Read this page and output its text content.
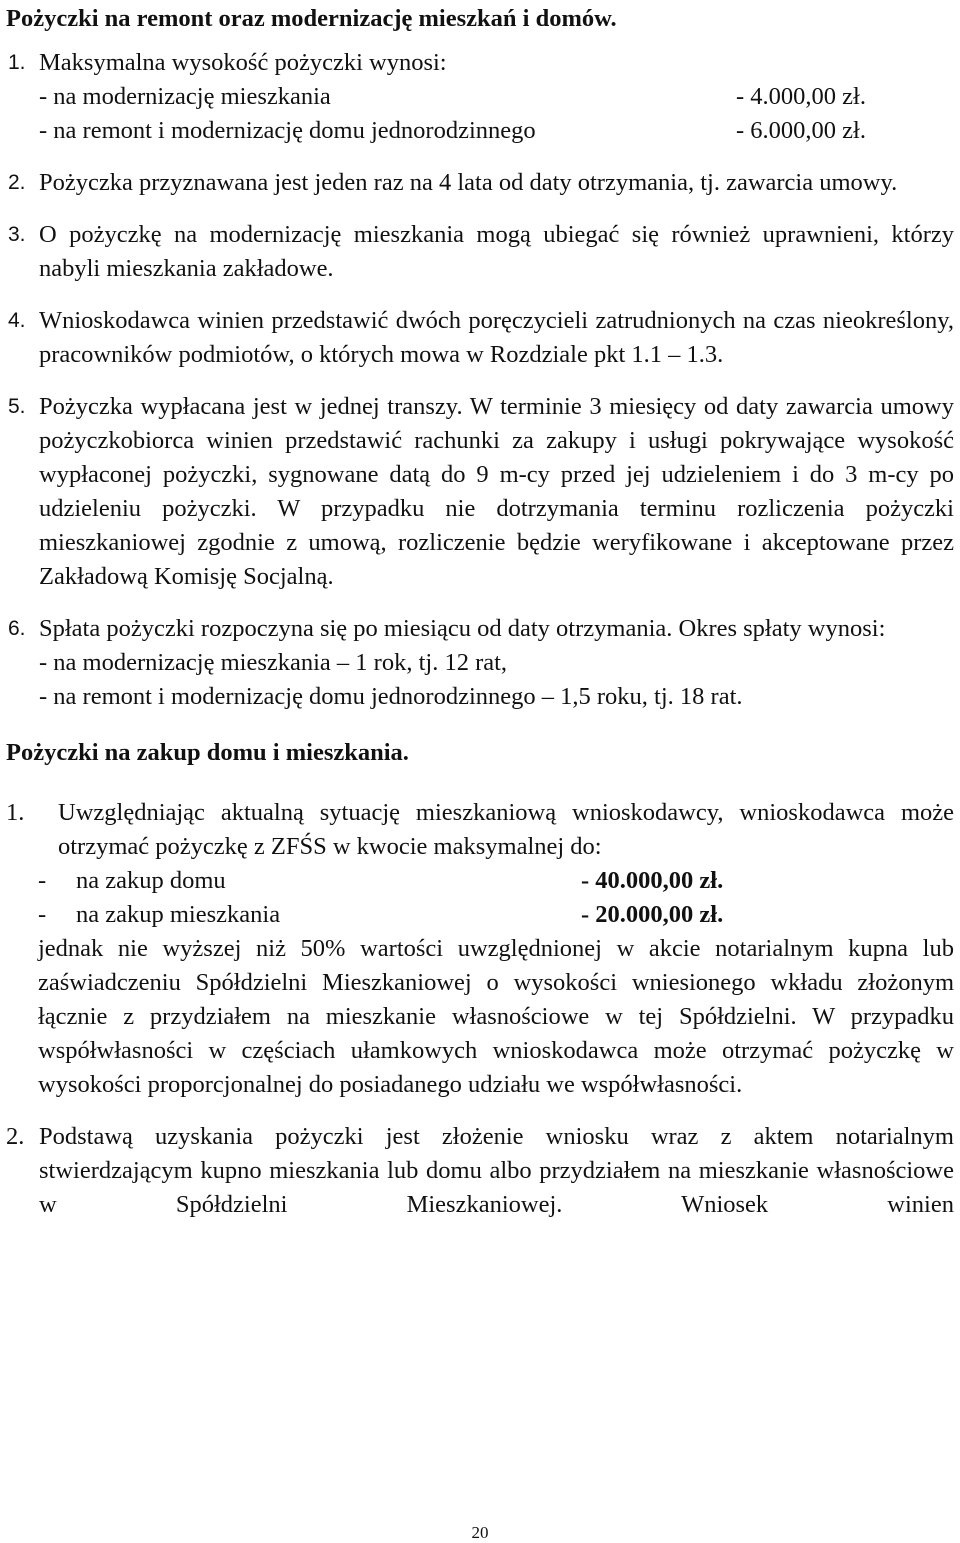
Pożyczki na remont oraz modernizację mieszkań i domów.
1. Maksymalna wysokość pożyczki wynosi:
- na modernizację mieszkania	- 4.000,00 zł.
- na remont i modernizację domu jednorodzinnego	- 6.000,00 zł.
2. Pożyczka przyznawana jest jeden raz na 4 lata od daty otrzymania, tj. zawarcia umowy.
3. O pożyczkę na modernizację mieszkania mogą ubiegać się również uprawnieni, którzy nabyli mieszkania zakładowe.
4. Wnioskodawca winien przedstawić dwóch poręczycieli zatrudnionych na czas nieokreślony, pracowników podmiotów, o których mowa w Rozdziale pkt 1.1 – 1.3.
5. Pożyczka wypłacana jest w jednej transzy. W terminie 3 miesięcy od daty zawarcia umowy pożyczkobiorca winien przedstawić rachunki za zakupy i usługi pokrywające wysokość wypłaconej pożyczki, sygnowane datą do 9 m-cy przed jej udzieleniem i do 3 m-cy po udzieleniu pożyczki. W przypadku nie dotrzymania terminu rozliczenia pożyczki mieszkaniowej zgodnie z umową, rozliczenie będzie weryfikowane i akceptowane przez Zakładową Komisję Socjalną.
6. Spłata pożyczki rozpoczyna się po miesiącu od daty otrzymania. Okres spłaty wynosi:
- na modernizację mieszkania – 1 rok, tj. 12 rat,
- na remont i modernizację domu jednorodzinnego – 1,5 roku, tj. 18 rat.
Pożyczki na zakup domu i mieszkania.
1. Uwzględniając aktualną sytuację mieszkaniową wnioskodawcy, wnioskodawca może otrzymać pożyczkę z ZFŚS w kwocie maksymalnej do:
- na zakup domu	- 40.000,00 zł.
- na zakup mieszkania	- 20.000,00 zł.
jednak nie wyższej niż 50% wartości uwzględnionej w akcie notarialnym kupna lub zaświadczeniu Spółdzielni Mieszkaniowej o wysokości wniesionego wkładu złożonym łącznie z przydziałem na mieszkanie własnościowe w tej Spółdzielni. W przypadku współwłasności w częściach ułamkowych wnioskodawca może otrzymać pożyczkę w wysokości proporcjonalnej do posiadanego udziału we współwłasności.
2. Podstawą uzyskania pożyczki jest złożenie wniosku wraz z aktem notarialnym stwierdzającym kupno mieszkania lub domu albo przydziałem na mieszkanie własnościowe w Spółdzielni Mieszkaniowej. Wniosek winien
20
